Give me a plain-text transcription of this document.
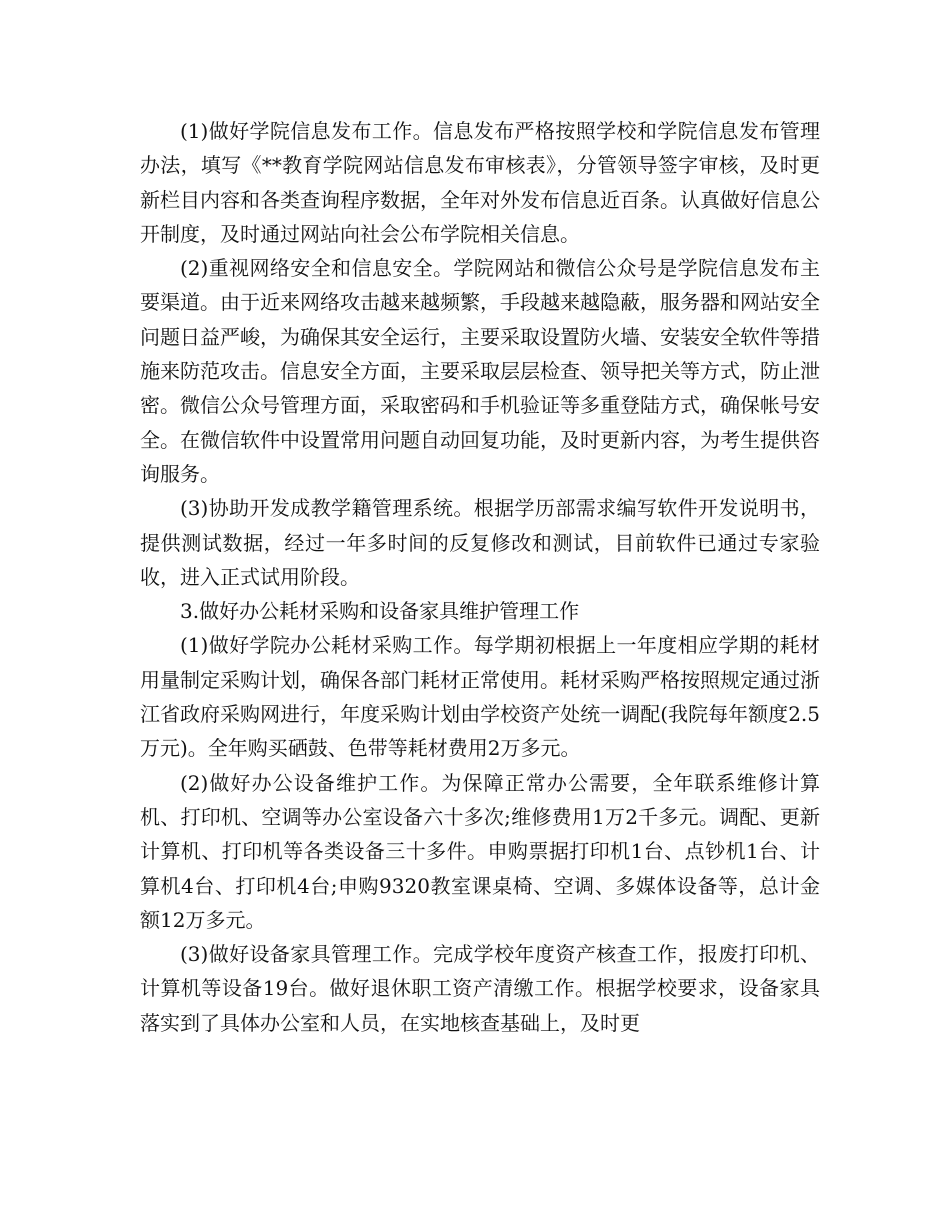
(1)做好学院信息发布工作。信息发布严格按照学校和学院信息发布管理办法，填写《**教育学院网站信息发布审核表》，分管领导签字审核，及时更新栏目内容和各类查询程序数据，全年对外发布信息近百条。认真做好信息公开制度，及时通过网站向社会公布学院相关信息。

(2)重视网络安全和信息安全。学院网站和微信公众号是学院信息发布主要渠道。由于近来网络攻击越来越频繁，手段越来越隐蔽，服务器和网站安全问题日益严峻，为确保其安全运行，主要采取设置防火墙、安装安全软件等措施来防范攻击。信息安全方面，主要采取层层检查、领导把关等方式，防止泄密。微信公众号管理方面，采取密码和手机验证等多重登陆方式，确保帐号安全。在微信软件中设置常用问题自动回复功能，及时更新内容，为考生提供咨询服务。

(3)协助开发成教学籍管理系统。根据学历部需求编写软件开发说明书，提供测试数据，经过一年多时间的反复修改和测试，目前软件已通过专家验收，进入正式试用阶段。

3.做好办公耗材采购和设备家具维护管理工作

(1)做好学院办公耗材采购工作。每学期初根据上一年度相应学期的耗材用量制定采购计划，确保各部门耗材正常使用。耗材采购严格按照规定通过浙江省政府采购网进行，年度采购计划由学校资产处统一调配(我院每年额度2.5万元)。全年购买硒鼓、色带等耗材费用2万多元。

(2)做好办公设备维护工作。为保障正常办公需要，全年联系维修计算机、打印机、空调等办公室设备六十多次;维修费用1万2千多元。调配、更新计算机、打印机等各类设备三十多件。申购票据打印机1台、点钞机1台、计算机4台、打印机4台;申购9320教室课桌椅、空调、多媒体设备等，总计金额12万多元。

(3)做好设备家具管理工作。完成学校年度资产核查工作，报废打印机、计算机等设备19台。做好退休职工资产清缴工作。根据学校要求，设备家具落实到了具体办公室和人员，在实地核查基础上，及时更
